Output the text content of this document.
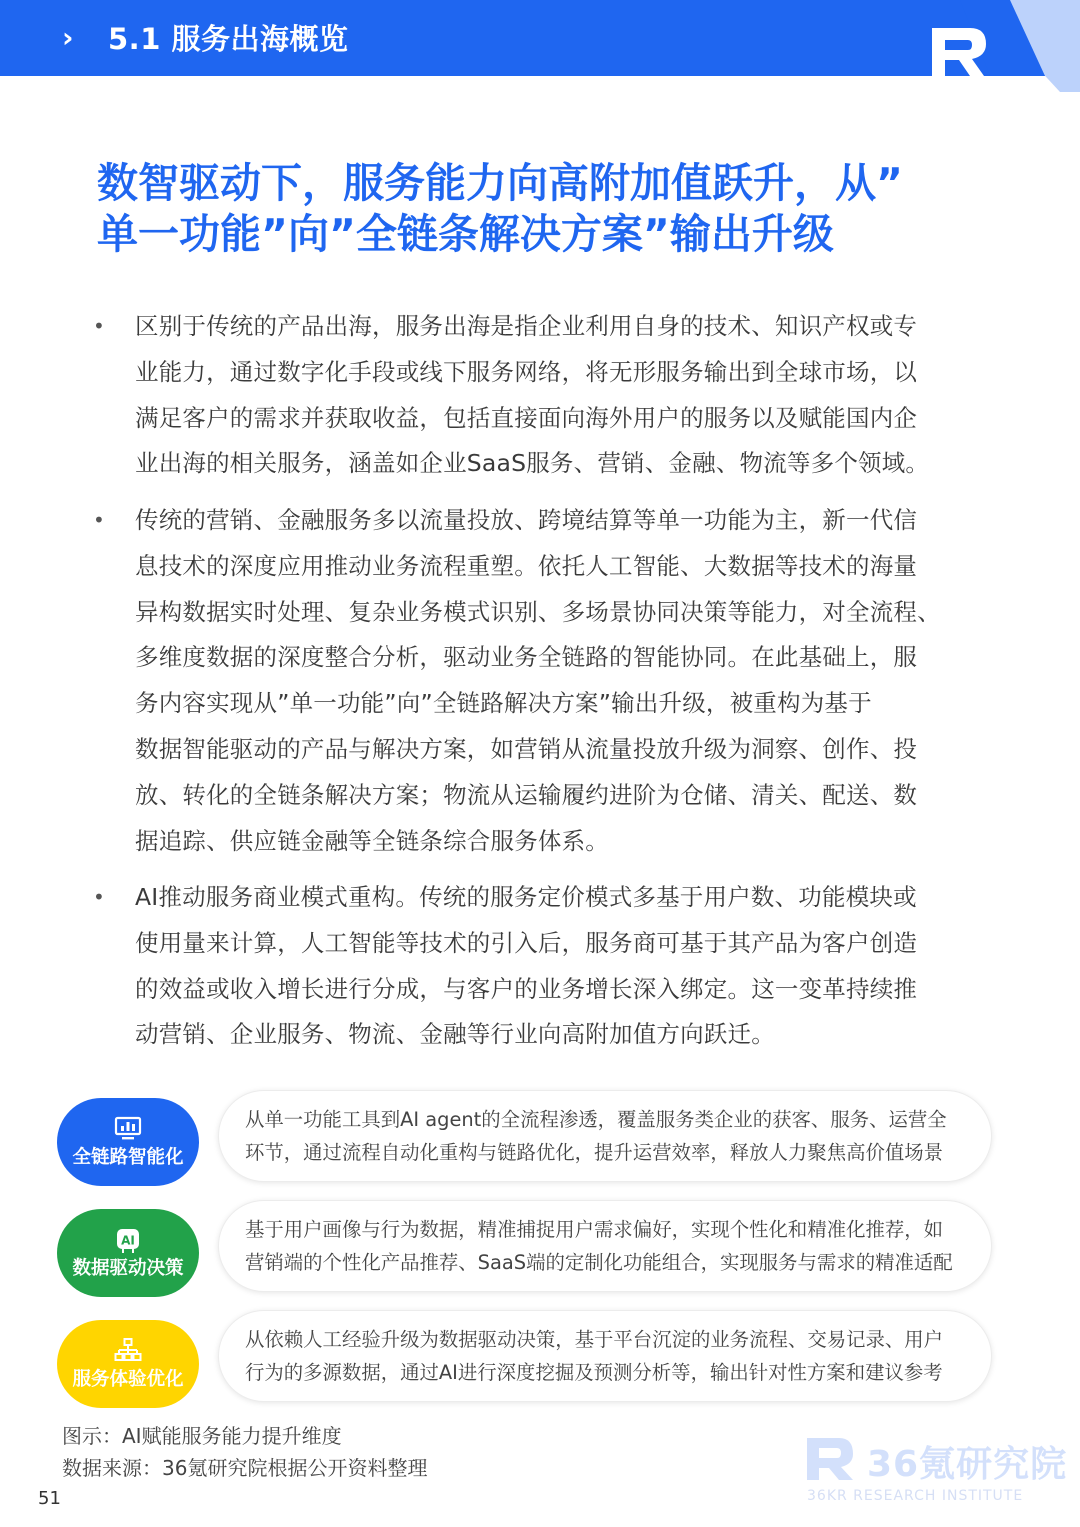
› 5.1 服务出海概览
数智驱动下，服务能力向高附加值跃升，从”
单一功能”向”全链条解决方案”输出升级
• 区别于传统的产品出海，服务出海是指企业利用自身的技术、知识产权或专
业能力，通过数字化手段或线下服务网络，将无形服务输出到全球市场，以
满足客户的需求并获取收益，包括直接面向海外用户的服务以及赋能国内企
业出海的相关服务，涵盖如企业SaaS服务、营销、金融、物流等多个领域。
• 传统的营销、金融服务多以流量投放、跨境结算等单一功能为主，新一代信
息技术的深度应用推动业务流程重塑。依托人工智能、大数据等技术的海量
异构数据实时处理、复杂业务模式识别、多场景协同决策等能力，对全流程、
多维度数据的深度整合分析，驱动业务全链路的智能协同。在此基础上，服
务内容实现从”单一功能”向”全链路解决方案”输出升级，被重构为基于
数据智能驱动的产品与解决方案，如营销从流量投放升级为洞察、创作、投
放、转化的全链条解决方案；物流从运输履约进阶为仓储、清关、配送、数
据追踪、供应链金融等全链条综合服务体系。
• AI推动服务商业模式重构。传统的服务定价模式多基于用户数、功能模块或
使用量来计算，人工智能等技术的引入后，服务商可基于其产品为客户创造
的效益或收入增长进行分成，与客户的业务增长深入绑定。这一变革持续推
动营销、企业服务、物流、金融等行业向高附加值方向跃迁。
全链路智能化
从单一功能工具到AI agent的全流程渗透，覆盖服务类企业的获客、服务、运营全
环节，通过流程自动化重构与链路优化，提升运营效率，释放人力聚焦高价值场景
AI
数据驱动决策
基于用户画像与行为数据，精准捕捉用户需求偏好，实现个性化和精准化推荐，如
营销端的个性化产品推荐、SaaS端的定制化功能组合，实现服务与需求的精准适配
服务体验优化
从依赖人工经验升级为数据驱动决策，基于平台沉淀的业务流程、交易记录、用户
行为的多源数据，通过AI进行深度挖掘及预测分析等，输出针对性方案和建议参考
图示：AI赋能服务能力提升维度
数据来源：36氪研究院根据公开资料整理	36氪研究院
36KR RESEARCH INSTITUTE
51
